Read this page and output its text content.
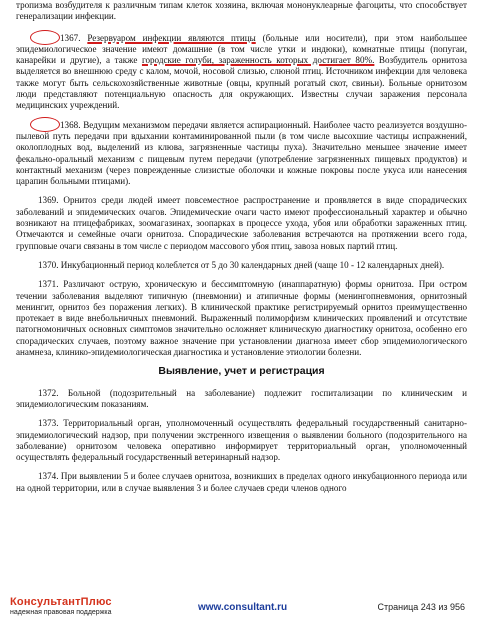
тропизма возбудителя к различным типам клеток хозяина, включая мононуклеарные фагоциты, что способствует генерализации инфекции.

1367. Резервуаром инфекции являются птицы (больные или носители), при этом наибольшее эпидемиологическое значение имеют домашние (в том числе утки и индюки), комнатные птицы (попугаи, канарейки и другие), а также городские голуби, зараженность которых достигает 80%. Возбудитель орнитоза выделяется во внешнюю среду с калом, мочой, носовой слизью, слюной птиц. Источником инфекции для человека также могут быть сельскохозяйственные животные (овцы, крупный рогатый скот, свиньи). Больные орнитозом люди представляют потенциальную опасность для окружающих. Известны случаи заражения персонала медицинских учреждений.

1368. Ведущим механизмом передачи является аспирационный. Наиболее часто реализуется воздушно-пылевой путь передачи при вдыхании контаминированной пыли (в том числе высохшие частицы испражнений, околоплодных вод, выделений из клюва, загрязненные частицы пуха). Значительно меньшее значение имеет фекально-оральный механизм с пищевым путем передачи (употребление загрязненных пищевых продуктов) и контактный механизм (через поврежденные слизистые оболочки и кожные покровы после укуса или нанесения царапин больными птицами).

1369. Орнитоз среди людей имеет повсеместное распространение и проявляется в виде спорадических заболеваний и эпидемических очагов. Эпидемические очаги часто имеют профессиональный характер и обычно возникают на птицефабриках, зоомагазинах, зоопарках в процессе ухода, убоя или обработки зараженных птиц. Отмечаются и семейные очаги орнитоза. Спорадические заболевания встречаются на протяжении всего года, групповые очаги связаны в том числе с периодом массового убоя птиц, завоза новых партий птиц.

1370. Инкубационный период колеблется от 5 до 30 календарных дней (чаще 10 - 12 календарных дней).

1371. Различают острую, хроническую и бессимптомную (инаппаратную) формы орнитоза. При остром течении заболевания выделяют типичную (пневмонии) и атипичные формы (менингопневмония, орнитозный менингит, орнитоз без поражения легких). В клинической практике регистрируемый орнитоз преимущественно протекает в виде внебольничных пневмоний. Выраженный полиморфизм клинических проявлений и отсутствие патогномоничных основных симптомов значительно осложняет клиническую диагностику орнитоза, особенно его спорадических случаев, поэтому важное значение при установлении диагноза имеет сбор эпидемиологического анамнеза, клинико-эпидемиологическая диагностика и установление этиологии болезни.

Выявление, учет и регистрация

1372. Больной (подозрительный на заболевание) подлежит госпитализации по клиническим и эпидемиологическим показаниям.

1373. Территориальный орган, уполномоченный осуществлять федеральный государственный санитарно-эпидемиологический надзор, при получении экстренного извещения о выявлении больного (подозрительного на заболевание) орнитозом человека оперативно информирует территориальный орган, уполномоченный осуществлять федеральный государственный ветеринарный надзор.

1374. При выявлении 5 и более случаев орнитоза, возникших в пределах одного инкубационного периода или на одной территории, или в случае выявления 3 и более случаев среди членов одного

КонсультантПлюс
надежная правовая поддержка	www.consultant.ru	Страница 243 из 956
